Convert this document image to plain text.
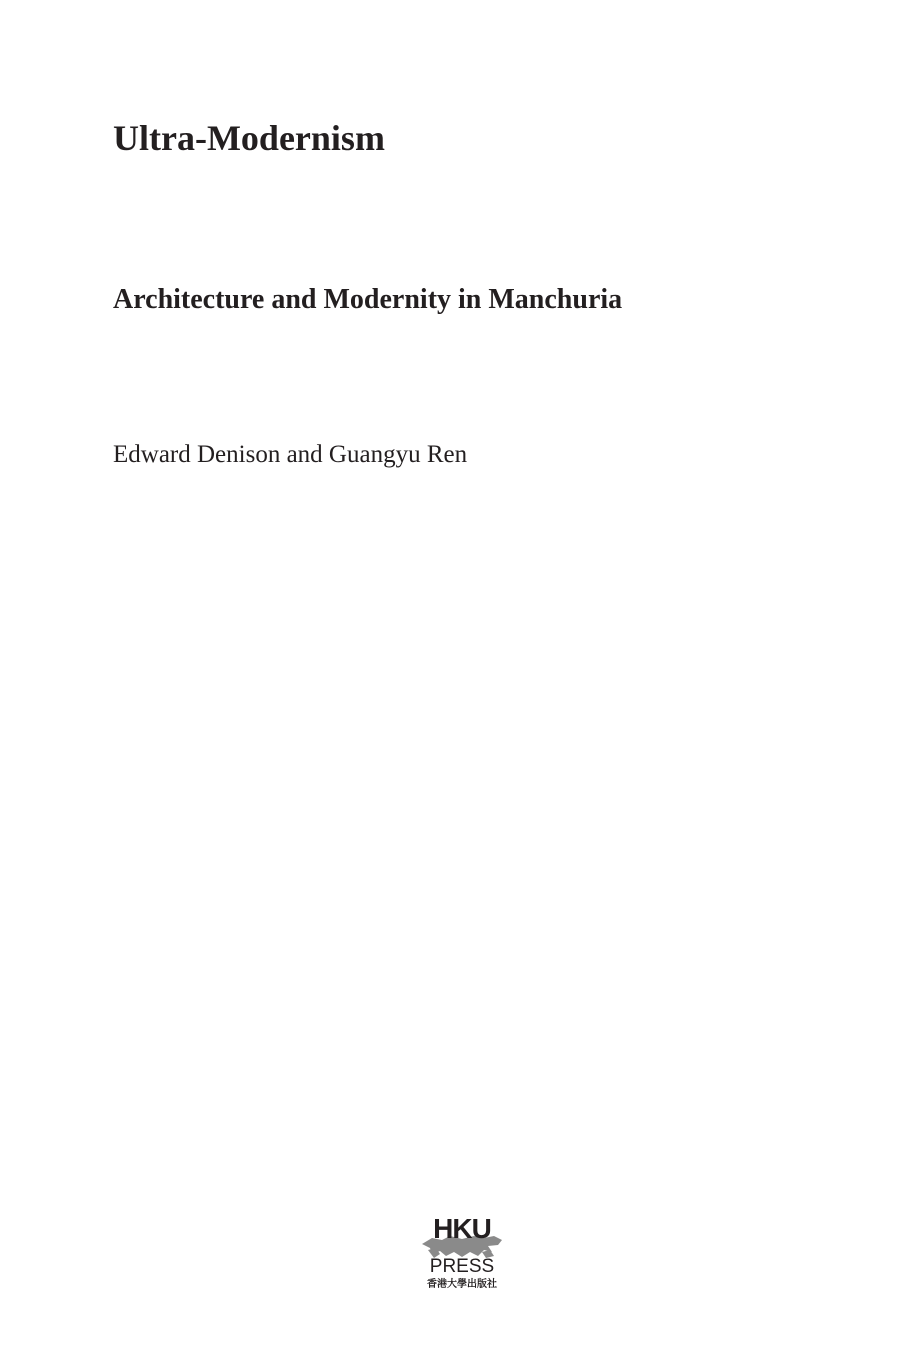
Ultra-Modernism
Architecture and Modernity in Manchuria

Edward Denison and Guangyu Ren

HKU
PRESS
香港大學出版社
